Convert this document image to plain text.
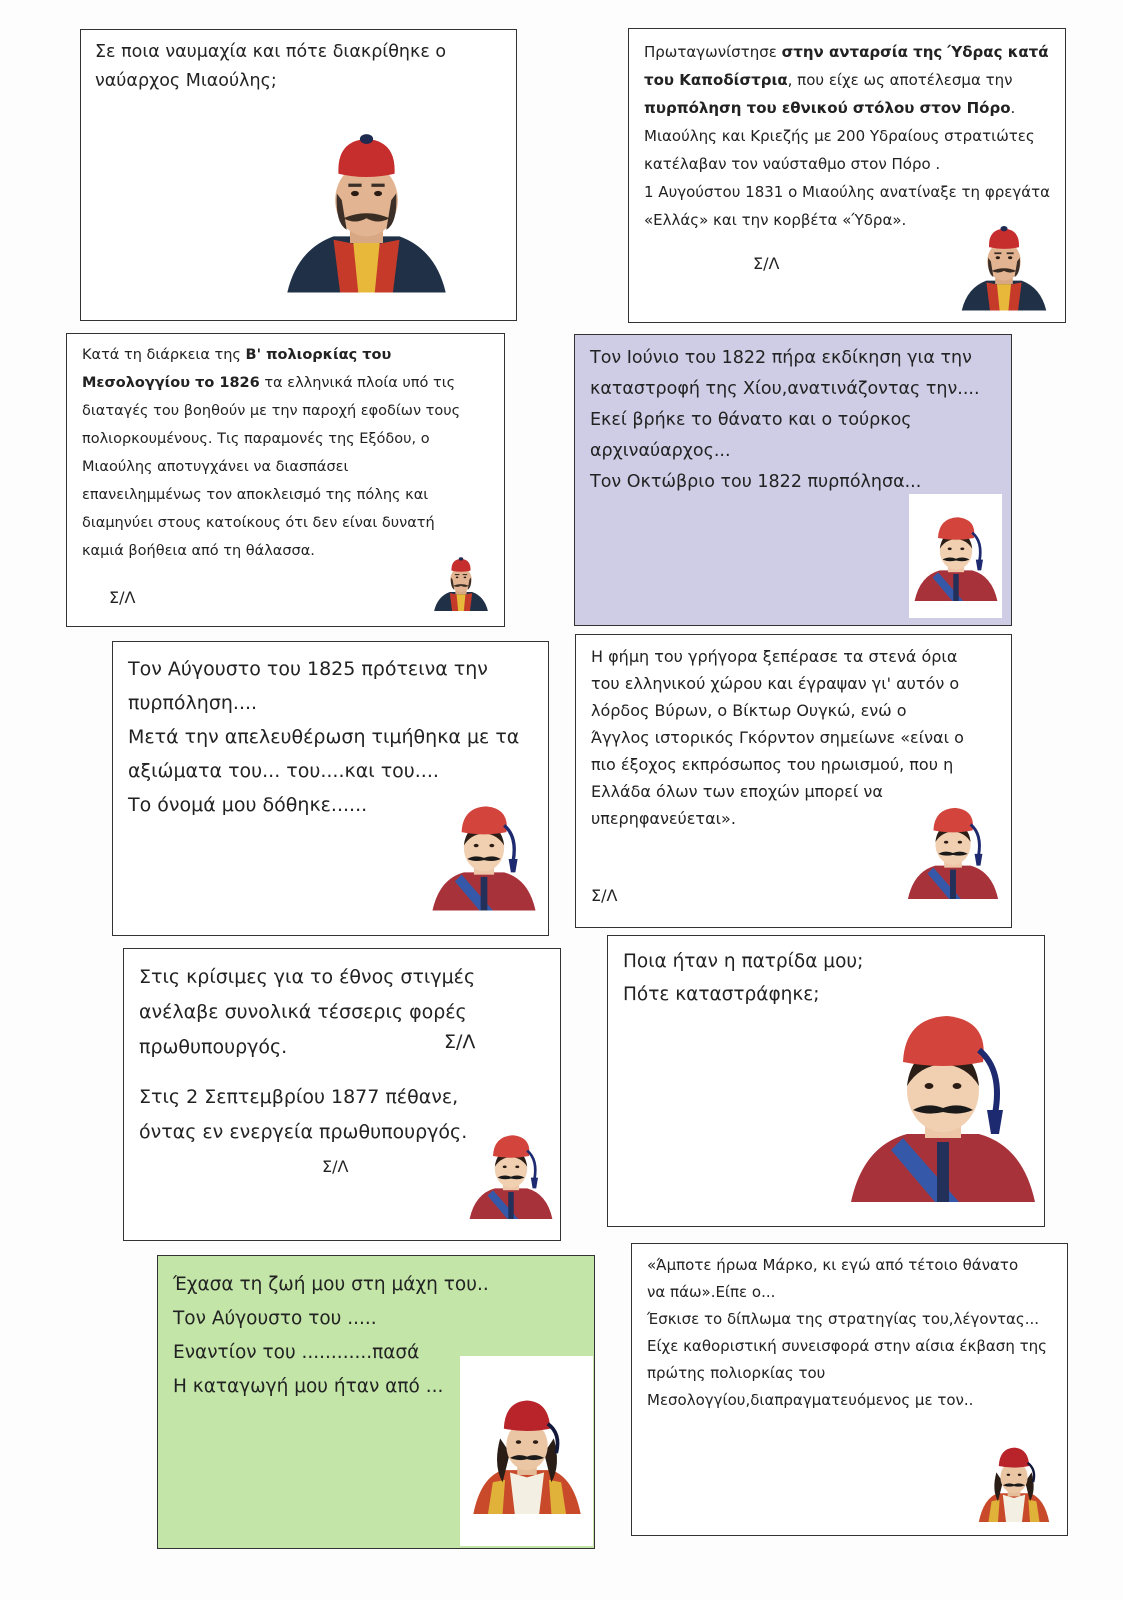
Σε ποια ναυμαχία και πότε διακρίθηκε ο
ναύαρχος Μιαούλης;
Πρωταγωνίστησε στην ανταρσία της Ύδρας κατά
του Καποδίστρια, που είχε ως αποτέλεσμα την
πυρπόληση του εθνικού στόλου στον Πόρο.
Μιαούλης και Κριεζής με 200 Υδραίους στρατιώτες
κατέλαβαν τον ναύσταθμο στον Πόρο .
1 Αυγούστου 1831 ο Μιαούλης ανατίναξε τη φρεγάτα
«Ελλάς» και την κορβέτα «Ύδρα».
Σ/Λ
Κατά τη διάρκεια της Β' πολιορκίας του
Μεσολογγίου το 1826 τα ελληνικά πλοία υπό τις
διαταγές του βοηθούν με την παροχή εφοδίων τους
πολιορκουμένους. Τις παραμονές της Εξόδου, ο
Μιαούλης αποτυγχάνει να διασπάσει
επανειλημμένως τον αποκλεισμό της πόλης και
διαμηνύει στους κατοίκους ότι δεν είναι δυνατή
καμιά βοήθεια από τη θάλασσα.
Σ/Λ
Τον Ιούνιο του 1822 πήρα εκδίκηση για την
καταστροφή της Χίου,ανατινάζοντας την....
Εκεί βρήκε το θάνατο και ο τούρκος
αρχιναύαρχος...
Τον Οκτώβριο του 1822 πυρπόλησα...
Τον Αύγουστο του 1825 πρότεινα την
πυρπόληση....
Μετά την απελευθέρωση τιμήθηκα με τα
αξιώματα του... του....και του....
Το όνομά μου δόθηκε......
Η φήμη του γρήγορα ξεπέρασε τα στενά όρια
του ελληνικού χώρου και έγραψαν γι' αυτόν ο
λόρδος Βύρων, ο Βίκτωρ Ουγκώ, ενώ ο
Άγγλος ιστορικός Γκόρντον σημείωνε «είναι ο
πιο έξοχος εκπρόσωπος του ηρωισμού, που η
Ελλάδα όλων των εποχών μπορεί να
υπερηφανεύεται».
Σ/Λ
Στις κρίσιμες για το έθνος στιγμές
ανέλαβε συνολικά τέσσερις φορές
πρωθυπουργός.	Σ/Λ
Στις 2 Σεπτεμβρίου 1877 πέθανε,
όντας εν ενεργεία πρωθυπουργός.
Σ/Λ
Ποια ήταν η πατρίδα μου;
Πότε καταστράφηκε;
Έχασα τη ζωή μου στη μάχη του..
Τον Αύγουστο του .....
Εναντίον του ............πασά
Η καταγωγή μου ήταν από ...
«Άμποτε ήρωα Μάρκο, κι εγώ από τέτοιο θάνατο
να πάω».Είπε ο...
Έσκισε το δίπλωμα της στρατηγίας του,λέγοντας...
Είχε καθοριστική συνεισφορά στην αίσια έκβαση της
πρώτης πολιορκίας του
Μεσολογγίου,διαπραγματευόμενος με τον..
